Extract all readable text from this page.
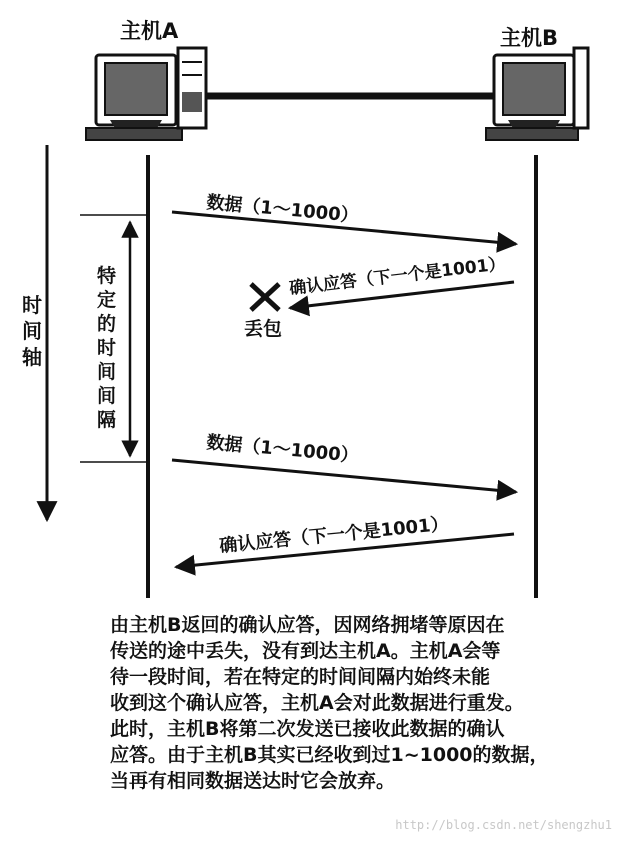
主机A	主机B
时间轴
特定的时间间隔
数据（1～1000）
确认应答（下一个是1001）
丢包
数据（1～1000）
确认应答（下一个是1001）
由主机B返回的确认应答，因网络拥堵等原因在
传送的途中丢失，没有到达主机A。主机A会等
待一段时间，若在特定的时间间隔内始终未能
收到这个确认应答，主机A会对此数据进行重发。
此时，主机B将第二次发送已接收此数据的确认
应答。由于主机B其实已经收到过1~1000的数据，
当再有相同数据送达时它会放弃。

http://blog.csdn.net/shengzhu1
